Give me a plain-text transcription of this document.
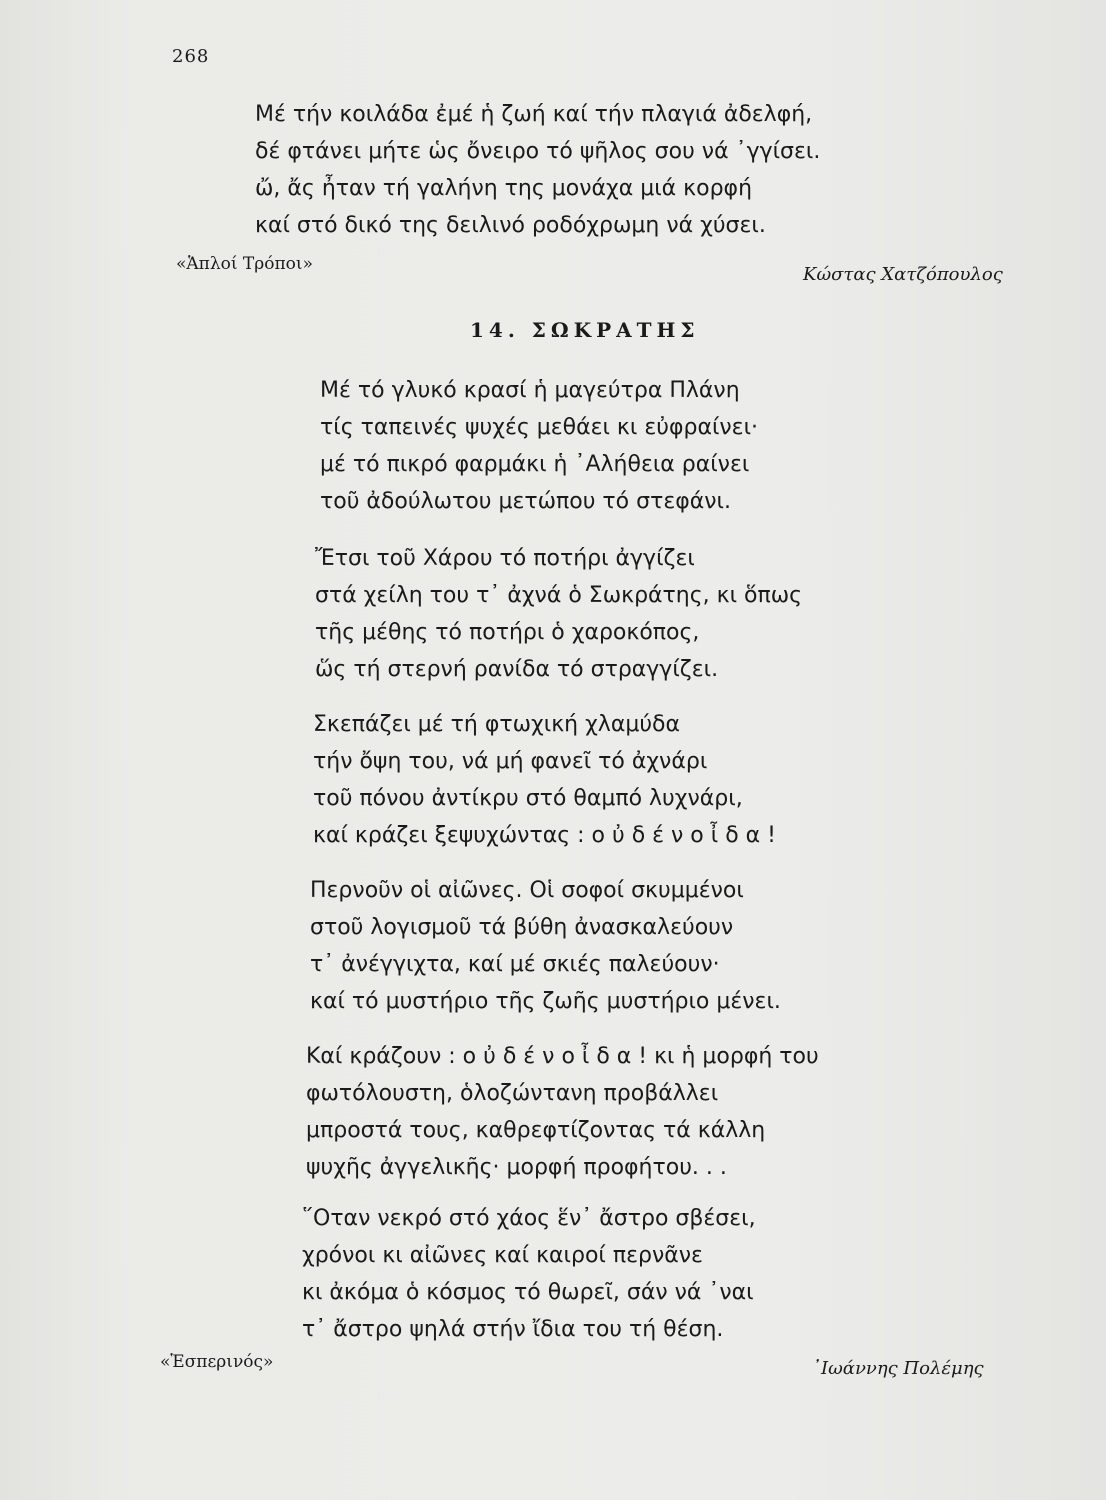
268
Μέ τήν κοιλάδα ἐμέ ἡ ζωή καί τήν πλαγιά ἀδελφή,
δέ φτάνει μήτε ὡς ὄνειρο τό ψῆλος σου νά ᾽γγίσει.
ὤ, ἄς ἦταν τή γαλήνη της μονάχα μιά κορφή
καί στό δικό της δειλινό ροδόχρωμη νά χύσει.
«Ἁπλοί Τρόποι»	Κώστας Χατζόπουλος
14. ΣΩΚΡΑΤΗΣ
Μέ τό γλυκό κρασί ἡ μαγεύτρα Πλάνη
τίς ταπεινές ψυχές μεθάει κι εὐφραίνει·
μέ τό πικρό φαρμάκι ἡ ᾽Αλήθεια ραίνει
τοῦ ἀδούλωτου μετώπου τό στεφάνι.
Ἔτσι τοῦ Χάρου τό ποτήρι ἀγγίζει
στά χείλη του τ᾽ ἀχνά ὁ Σωκράτης, κι ὅπως
τῆς μέθης τό ποτήρι ὁ χαροκόπος,
ὥς τή στερνή ρανίδα τό στραγγίζει.
Σκεπάζει μέ τή φτωχική χλαμύδα
τήν ὄψη του, νά μή φανεῖ τό ἀχνάρι
τοῦ πόνου ἀντίκρυ στό θαμπό λυχνάρι,
καί κράζει ξεψυχώντας : ο ὐ δ έ ν ο ἶ δ α !
Περνοῦν οἱ αἰῶνες. Οἱ σοφοί σκυμμένοι
στοῦ λογισμοῦ τά βύθη ἀνασκαλεύουν
τ᾽ ἀνέγγιχτα, καί μέ σκιές παλεύουν·
καί τό μυστήριο τῆς ζωῆς μυστήριο μένει.
Καί κράζουν : ο ὐ δ έ ν ο ἶ δ α ! κι ἡ μορφή του
φωτόλουστη, ὁλοζώντανη προβάλλει
μπροστά τους, καθρεφτίζοντας τά κάλλη
ψυχῆς ἀγγελικῆς· μορφή προφήτου. . .
῞Οταν νεκρό στό χάος ἕν᾽ ἄστρο σβέσει,
χρόνοι κι αἰῶνες καί καιροί περνᾶνε
κι ἀκόμα ὁ κόσμος τό θωρεῖ, σάν νά ᾽ναι
τ᾽ ἄστρο ψηλά στήν ἴδια του τή θέση.
«Ἑσπερινός»	᾽Ιωάννης Πολέμης
